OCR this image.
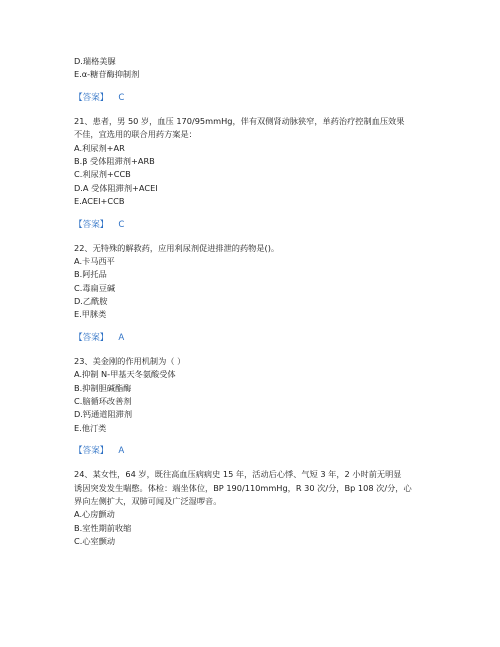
D.瑞格美脲
E.α-糖苷酶抑制剂
【答案】 C
21、患者，男 50 岁，血压 170/95mmHg，伴有双侧肾动脉狭窄，单药治疗控制血压效果
不佳，宜选用的联合用药方案是：
A.利尿剂+AR
B.β 受体阻滞剂+ARB
C.利尿剂+CCB
D.A 受体阻滞剂+ACEI
E.ACEI+CCB
【答案】 C
22、无特殊的解救药，应用利尿剂促进排泄的药物是()。
A.卡马西平
B.阿托品
C.毒扁豆碱
D.乙酰胺
E.甲脒类
【答案】 A
23、美金刚的作用机制为（ ）
A.抑制 N-甲基天冬氨酸受体
B.抑制胆碱酯酶
C.脑循环改善剂
D.钙通道阻滞剂
E.他汀类
【答案】 A
24、某女性，64 岁，既往高血压病病史 15 年，活动后心悸、气短 3 年，2 小时前无明显
诱因突发发生喘憋。体检：端坐体位，BP 190/110mmHg，R 30 次/分，Bp 108 次/分，心
界向左侧扩大，双肺可闻及广泛湿啰音。
A.心房颤动
B.室性期前收缩
C.心室颤动
